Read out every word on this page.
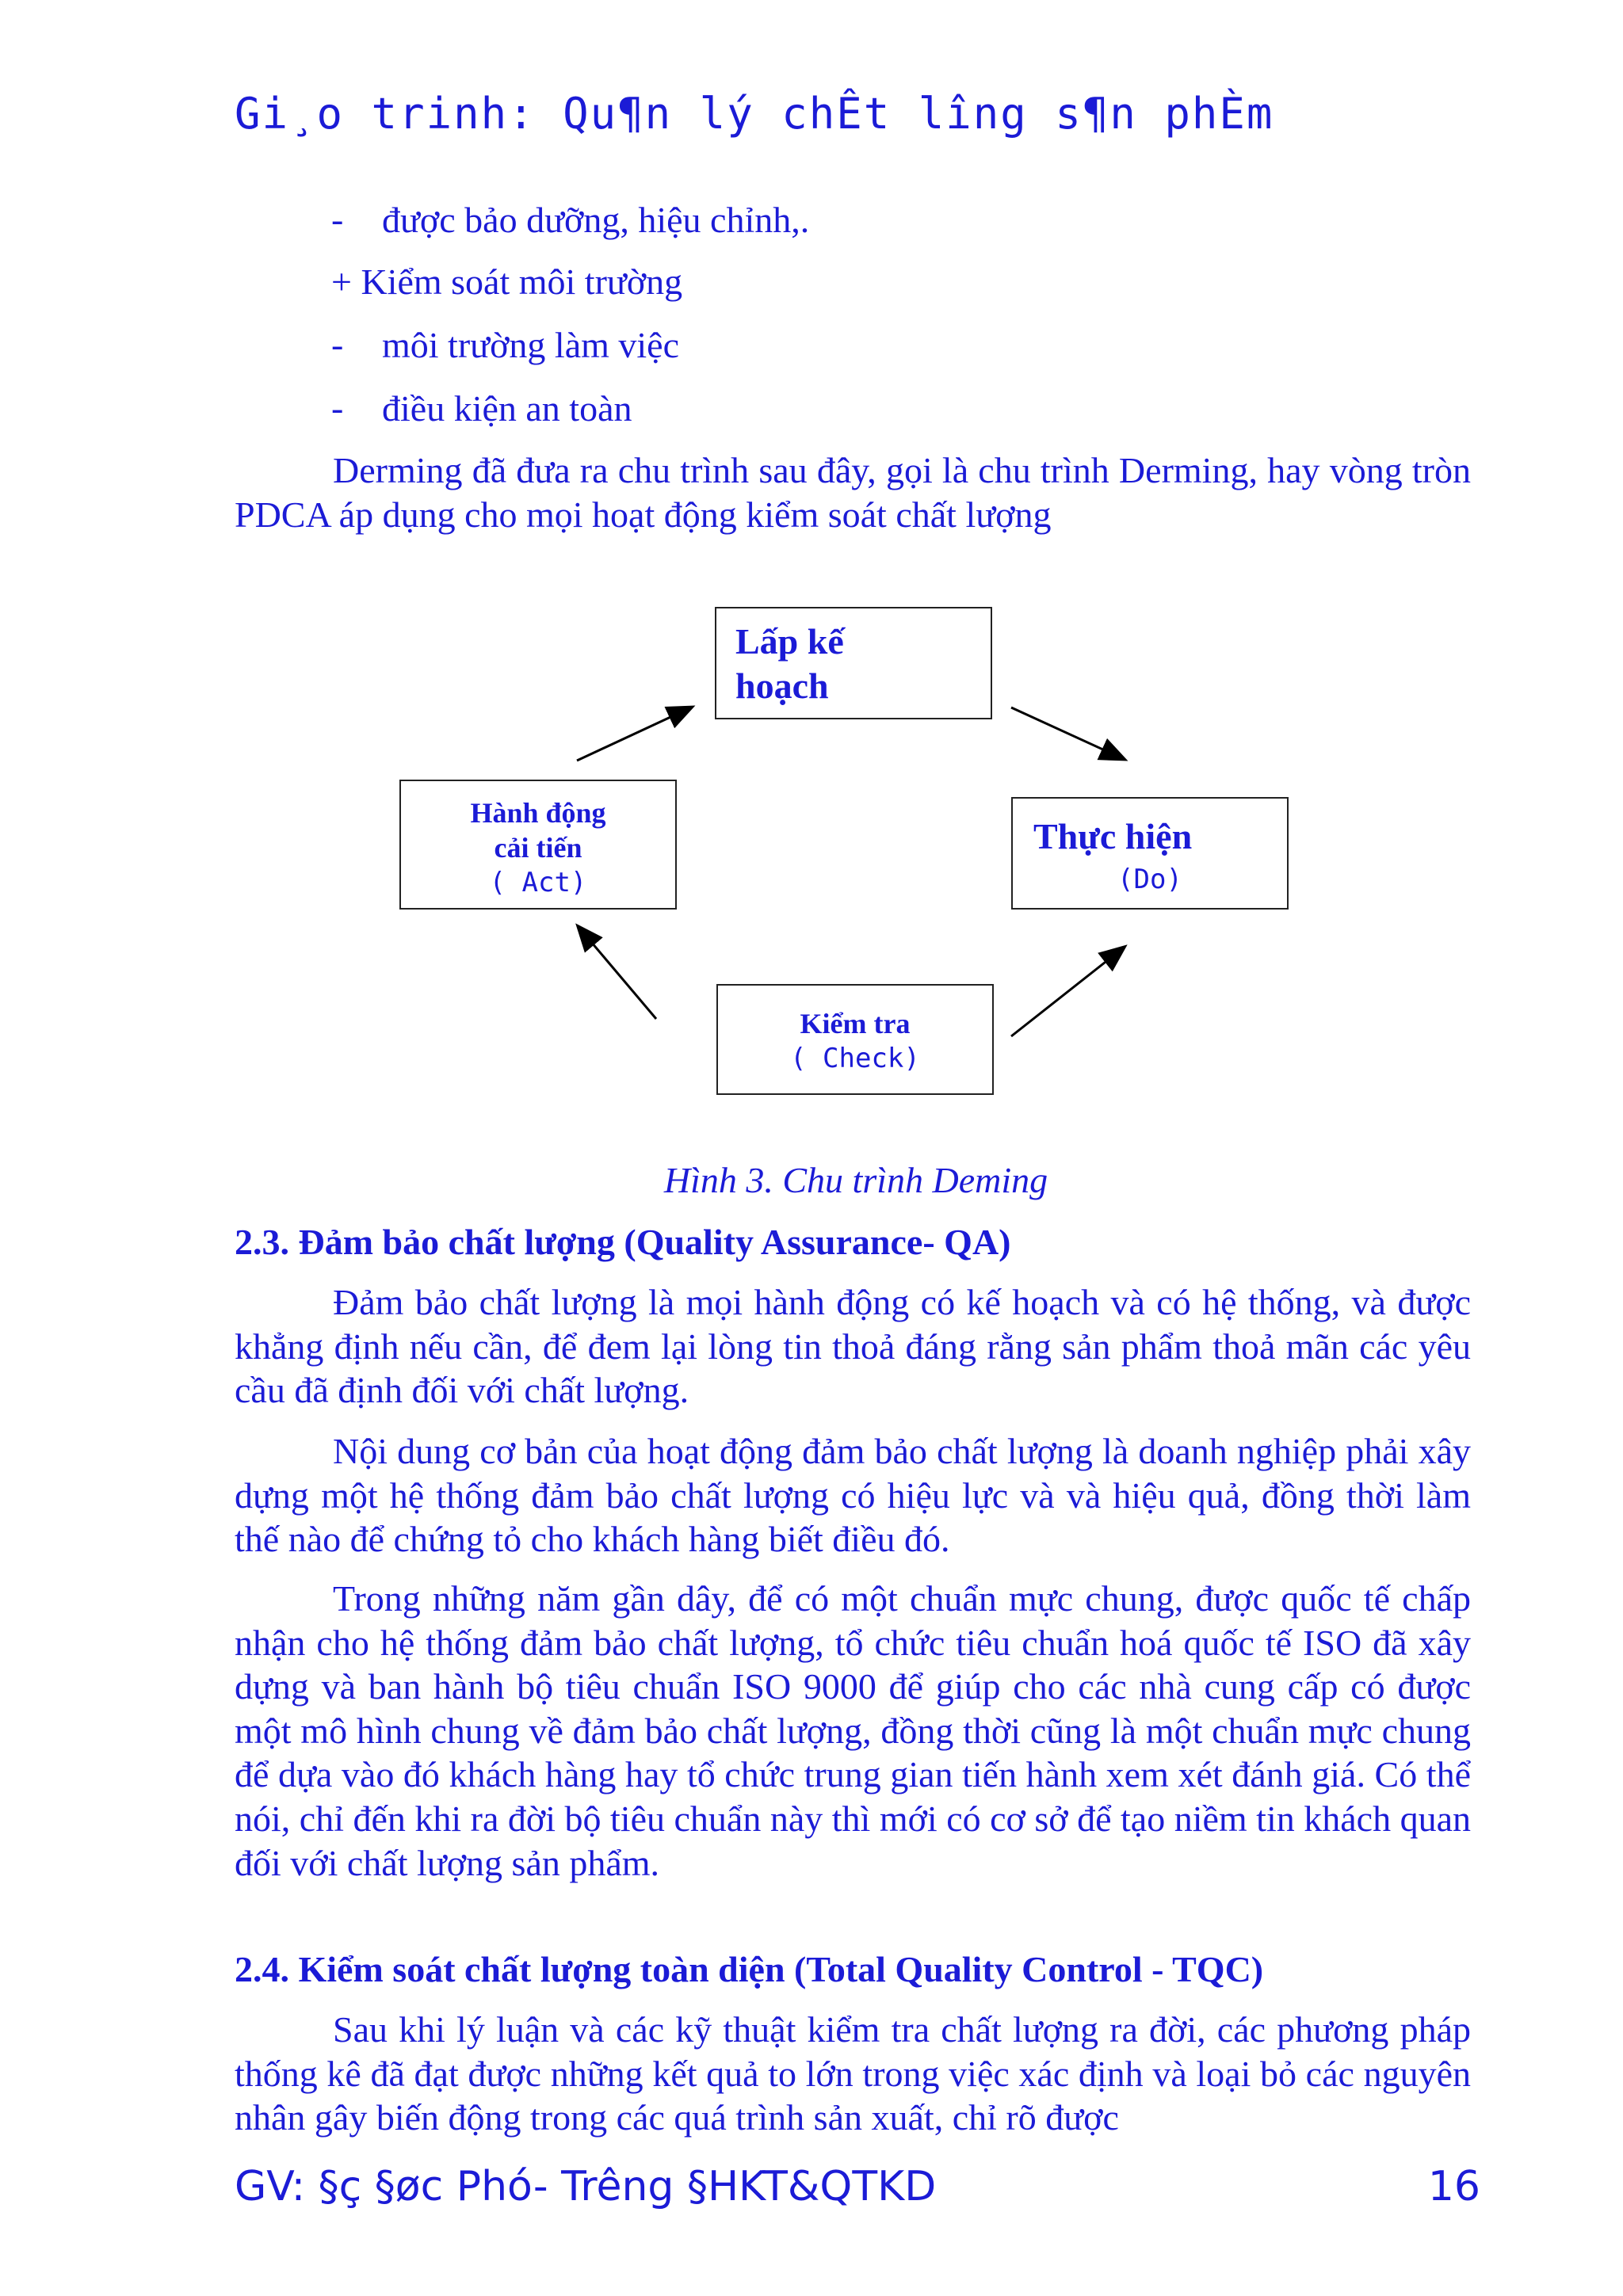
Gi¸o trinh: Qu¶n lý chÊt lîng s¶n phÈm
- được bảo dưỡng, hiệu chỉnh,.
+ Kiểm soát môi trường
- môi trường làm việc
- điều kiện an toàn
Derming đã đưa ra chu trình sau đây, gọi là chu trình Derming, hay vòng tròn PDCA áp dụng cho mọi hoạt động kiểm soát chất lượng
Lấp kế
hoạch
Thực hiện
(Do)
Kiểm tra
( Check)
Hành động
cải tiến
( Act)
Hình 3. Chu trình Deming
2.3. Đảm bảo chất lượng (Quality Assurance- QA)
Đảm bảo chất lượng là mọi hành động có kế hoạch và có hệ thống, và được khẳng định nếu cần, để đem lại lòng tin thoả đáng rằng sản phẩm thoả mãn các yêu cầu đã định đối với chất lượng.
Nội dung cơ bản của hoạt động đảm bảo chất lượng là doanh nghiệp phải xây dựng một hệ thống đảm bảo chất lượng có hiệu lực và và hiệu quả, đồng thời làm thế nào để chứng tỏ cho khách hàng biết điều đó.
Trong những năm gần dây, để có một chuẩn mực chung, được quốc tế chấp nhận cho hệ thống đảm bảo chất lượng, tổ chức tiêu chuẩn hoá quốc tế ISO đã xây dựng và ban hành bộ tiêu chuẩn ISO 9000 để giúp cho các nhà cung cấp có được một mô hình chung về đảm bảo chất lượng, đồng thời cũng là một chuẩn mực chung để dựa vào đó khách hàng hay tổ chức trung gian tiến hành xem xét đánh giá. Có thể nói, chỉ đến khi ra đời bộ tiêu chuẩn này thì mới có cơ sở để tạo niềm tin khách quan đối với chất lượng sản phẩm.
2.4. Kiểm soát chất lượng toàn diện (Total Quality Control - TQC)
Sau khi lý luận và các kỹ thuật kiểm tra chất lượng ra đời, các phương pháp thống kê đã đạt được những kết quả to lớn trong việc xác định và loại bỏ các nguyên nhân gây biến động trong các quá trình sản xuất, chỉ rõ được
GV: §ç §øc Phó- Trêng §HKT&QTKD	16
